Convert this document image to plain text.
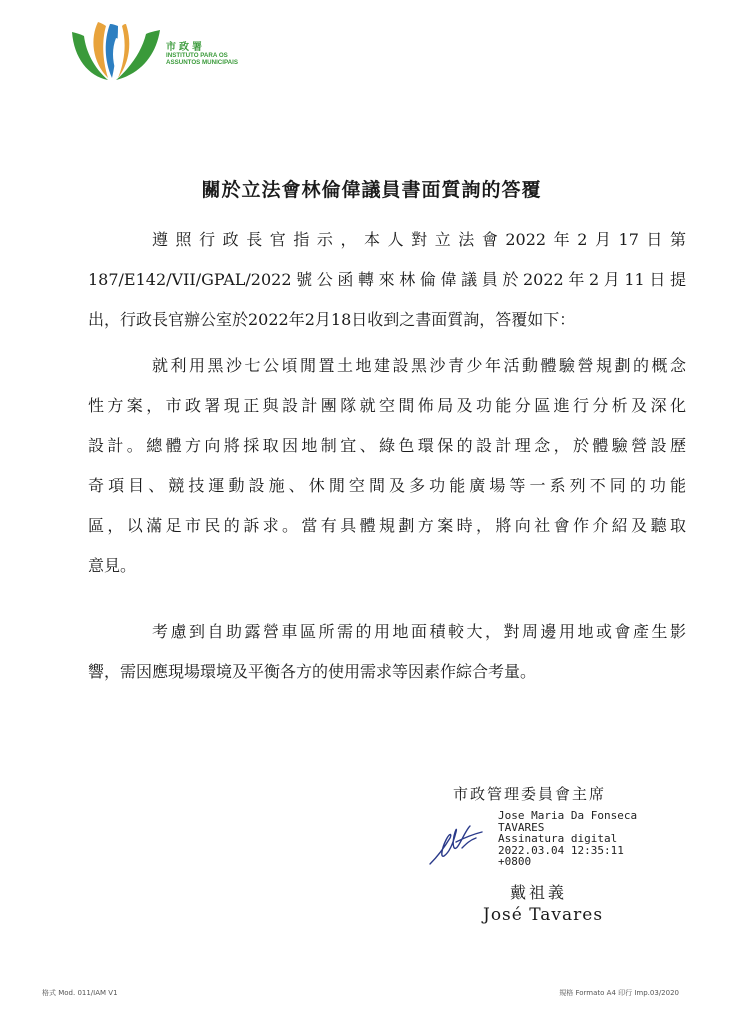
市政署
INSTITUTO PARA OS
ASSUNTOS MUNICIPAIS
關於立法會林倫偉議員書面質詢的答覆
遵照行政長官指示，本人對立法會2022年2月17日第
187/E142/VII/GPAL/2022號公函轉來林倫偉議員於2022年2月11日提
出，行政長官辦公室於2022年2月18日收到之書面質詢，答覆如下：
就利用黑沙七公頃閒置土地建設黑沙青少年活動體驗營規劃的概念
性方案，市政署現正與設計團隊就空間佈局及功能分區進行分析及深化
設計。總體方向將採取因地制宜、綠色環保的設計理念，於體驗營設歷
奇項目、競技運動設施、休閒空間及多功能廣場等一系列不同的功能
區，以滿足市民的訴求。當有具體規劃方案時，將向社會作介紹及聽取
意見。
考慮到自助露營車區所需的用地面積較大，對周邊用地或會產生影
響，需因應現場環境及平衡各方的使用需求等因素作綜合考量。
市政管理委員會主席
Jose Maria Da Fonseca
TAVARES
Assinatura digital
2022.03.04 12:35:11
+0800
戴祖義
José Tavares
格式 Mod. 011/IAM V1	規格 Formato A4 印行 Imp.03/2020
